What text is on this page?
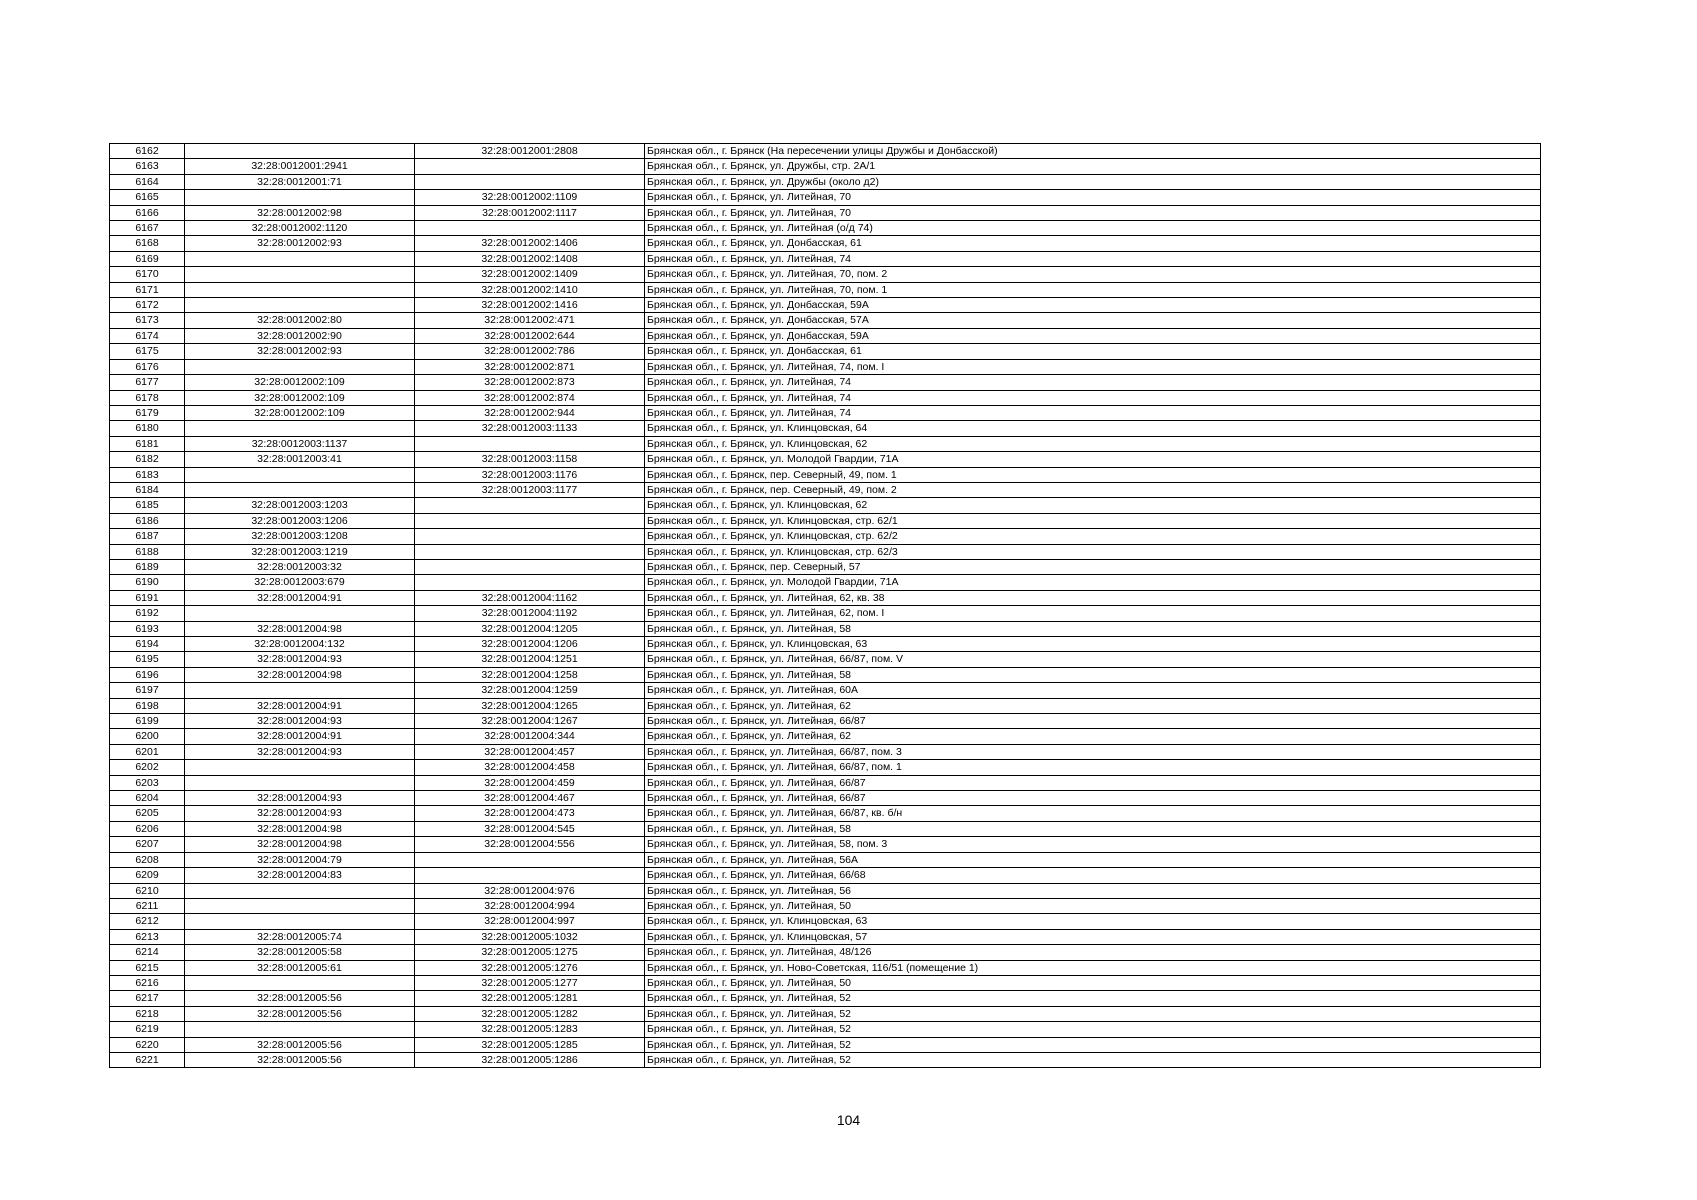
6162		32:28:0012001:2808	Брянская обл., г. Брянск (На пересечении улицы Дружбы и Донбасской)
6163	32:28:0012001:2941		Брянская обл., г. Брянск, ул. Дружбы, стр. 2А/1
6164	32:28:0012001:71		Брянская обл., г. Брянск, ул. Дружбы (около д2)
6165		32:28:0012002:1109	Брянская обл., г. Брянск, ул. Литейная, 70
6166	32:28:0012002:98	32:28:0012002:1117	Брянская обл., г. Брянск, ул. Литейная, 70
6167	32:28:0012002:1120		Брянская обл., г. Брянск, ул. Литейная (о/д 74)
6168	32:28:0012002:93	32:28:0012002:1406	Брянская обл., г. Брянск, ул. Донбасская, 61
6169		32:28:0012002:1408	Брянская обл., г. Брянск, ул. Литейная, 74
6170		32:28:0012002:1409	Брянская обл., г. Брянск, ул. Литейная, 70, пом. 2
6171		32:28:0012002:1410	Брянская обл., г. Брянск, ул. Литейная, 70, пом. 1
6172		32:28:0012002:1416	Брянская обл., г. Брянск, ул. Донбасская, 59А
6173	32:28:0012002:80	32:28:0012002:471	Брянская обл., г. Брянск, ул. Донбасская, 57А
6174	32:28:0012002:90	32:28:0012002:644	Брянская обл., г. Брянск, ул. Донбасская, 59А
6175	32:28:0012002:93	32:28:0012002:786	Брянская обл., г. Брянск, ул. Донбасская, 61
6176		32:28:0012002:871	Брянская обл., г. Брянск, ул. Литейная, 74, пом. I
6177	32:28:0012002:109	32:28:0012002:873	Брянская обл., г. Брянск, ул. Литейная, 74
6178	32:28:0012002:109	32:28:0012002:874	Брянская обл., г. Брянск, ул. Литейная, 74
6179	32:28:0012002:109	32:28:0012002:944	Брянская обл., г. Брянск, ул. Литейная, 74
6180		32:28:0012003:1133	Брянская обл., г. Брянск, ул. Клинцовская, 64
6181	32:28:0012003:1137		Брянская обл., г. Брянск, ул. Клинцовская, 62
6182	32:28:0012003:41	32:28:0012003:1158	Брянская обл., г. Брянск, ул. Молодой Гвардии, 71А
6183		32:28:0012003:1176	Брянская обл., г. Брянск, пер. Северный, 49, пом. 1
6184		32:28:0012003:1177	Брянская обл., г. Брянск, пер. Северный, 49, пом. 2
6185	32:28:0012003:1203		Брянская обл., г. Брянск, ул. Клинцовская, 62
6186	32:28:0012003:1206		Брянская обл., г. Брянск, ул. Клинцовская, стр. 62/1
6187	32:28:0012003:1208		Брянская обл., г. Брянск, ул. Клинцовская, стр. 62/2
6188	32:28:0012003:1219		Брянская обл., г. Брянск, ул. Клинцовская, стр. 62/3
6189	32:28:0012003:32		Брянская обл., г. Брянск, пер. Северный, 57
6190	32:28:0012003:679		Брянская обл., г. Брянск, ул. Молодой Гвардии, 71А
6191	32:28:0012004:91	32:28:0012004:1162	Брянская обл., г. Брянск, ул. Литейная, 62, кв. 38
6192		32:28:0012004:1192	Брянская обл., г. Брянск, ул. Литейная, 62, пом. I
6193	32:28:0012004:98	32:28:0012004:1205	Брянская обл., г. Брянск, ул. Литейная, 58
6194	32:28:0012004:132	32:28:0012004:1206	Брянская обл., г. Брянск, ул. Клинцовская, 63
6195	32:28:0012004:93	32:28:0012004:1251	Брянская обл., г. Брянск, ул. Литейная, 66/87, пом. V
6196	32:28:0012004:98	32:28:0012004:1258	Брянская обл., г. Брянск, ул. Литейная, 58
6197		32:28:0012004:1259	Брянская обл., г. Брянск, ул. Литейная, 60А
6198	32:28:0012004:91	32:28:0012004:1265	Брянская обл., г. Брянск, ул. Литейная, 62
6199	32:28:0012004:93	32:28:0012004:1267	Брянская обл., г. Брянск, ул. Литейная, 66/87
6200	32:28:0012004:91	32:28:0012004:344	Брянская обл., г. Брянск, ул. Литейная, 62
6201	32:28:0012004:93	32:28:0012004:457	Брянская обл., г. Брянск, ул. Литейная, 66/87, пом. 3
6202		32:28:0012004:458	Брянская обл., г. Брянск, ул. Литейная, 66/87, пом. 1
6203		32:28:0012004:459	Брянская обл., г. Брянск, ул. Литейная, 66/87
6204	32:28:0012004:93	32:28:0012004:467	Брянская обл., г. Брянск, ул. Литейная, 66/87
6205	32:28:0012004:93	32:28:0012004:473	Брянская обл., г. Брянск, ул. Литейная, 66/87, кв. б/н
6206	32:28:0012004:98	32:28:0012004:545	Брянская обл., г. Брянск, ул. Литейная, 58
6207	32:28:0012004:98	32:28:0012004:556	Брянская обл., г. Брянск, ул. Литейная, 58, пом. 3
6208	32:28:0012004:79		Брянская обл., г. Брянск, ул. Литейная, 56А
6209	32:28:0012004:83		Брянская обл., г. Брянск, ул. Литейная, 66/68
6210		32:28:0012004:976	Брянская обл., г. Брянск, ул. Литейная, 56
6211		32:28:0012004:994	Брянская обл., г. Брянск, ул. Литейная, 50
6212		32:28:0012004:997	Брянская обл., г. Брянск, ул. Клинцовская, 63
6213	32:28:0012005:74	32:28:0012005:1032	Брянская обл., г. Брянск, ул. Клинцовская, 57
6214	32:28:0012005:58	32:28:0012005:1275	Брянская обл., г. Брянск, ул. Литейная, 48/126
6215	32:28:0012005:61	32:28:0012005:1276	Брянская обл., г. Брянск, ул. Ново-Советская, 116/51 (помещение 1)
6216		32:28:0012005:1277	Брянская обл., г. Брянск, ул. Литейная, 50
6217	32:28:0012005:56	32:28:0012005:1281	Брянская обл., г. Брянск, ул. Литейная, 52
6218	32:28:0012005:56	32:28:0012005:1282	Брянская обл., г. Брянск, ул. Литейная, 52
6219		32:28:0012005:1283	Брянская обл., г. Брянск, ул. Литейная, 52
6220	32:28:0012005:56	32:28:0012005:1285	Брянская обл., г. Брянск, ул. Литейная, 52
6221	32:28:0012005:56	32:28:0012005:1286	Брянская обл., г. Брянск, ул. Литейная, 52
104
